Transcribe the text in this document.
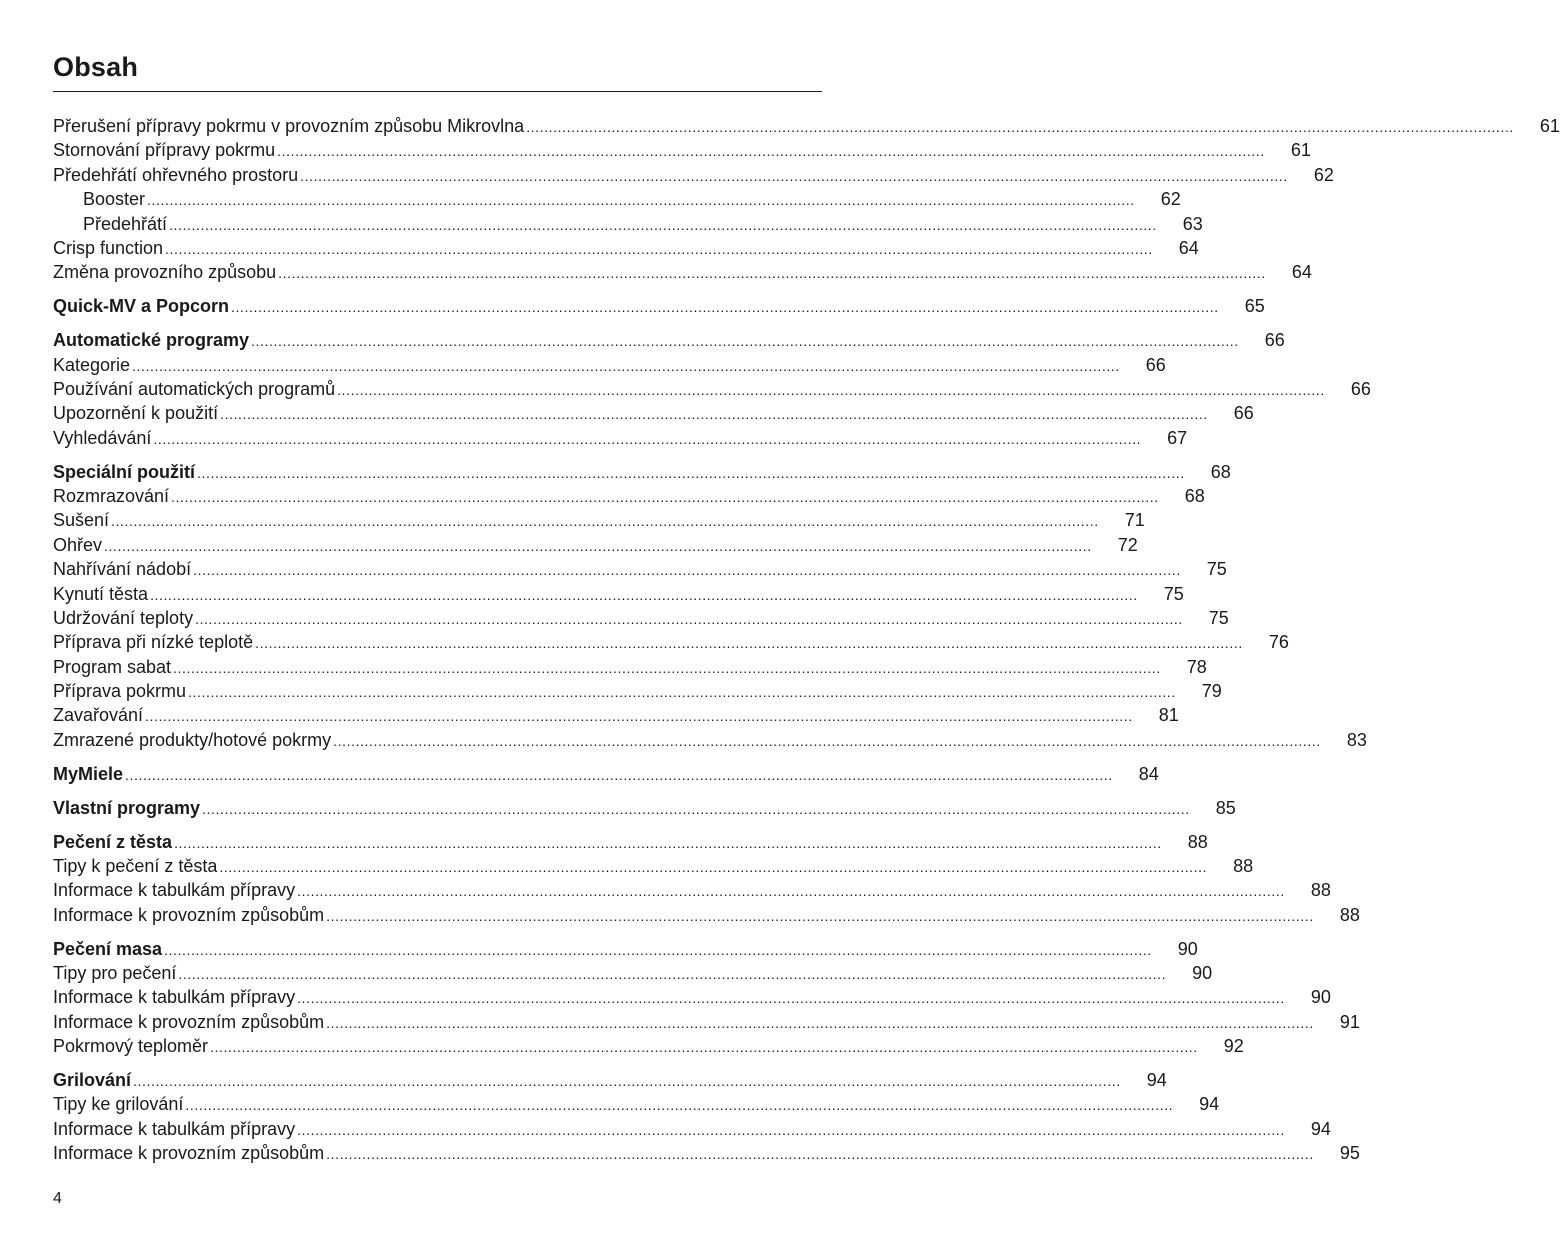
Obsah
Přerušení přípravy pokrmu v provozním způsobu Mikrovlna ............................................................................................................................................................................................................................	61
Stornování přípravy pokrmu ............................................................................................................................................................................................................................	61
Předehřátí ohřevného prostoru ............................................................................................................................................................................................................................	62
Booster ............................................................................................................................................................................................................................	62
Předehřátí ............................................................................................................................................................................................................................	63
Crisp function ............................................................................................................................................................................................................................	64
Změna provozního způsobu ............................................................................................................................................................................................................................	64
Quick-MV a Popcorn ............................................................................................................................................................................................................................	65
Automatické programy ............................................................................................................................................................................................................................	66
Kategorie ............................................................................................................................................................................................................................	66
Používání automatických programů ............................................................................................................................................................................................................................	66
Upozornění k použití ............................................................................................................................................................................................................................	66
Vyhledávání ............................................................................................................................................................................................................................	67
Speciální použití ............................................................................................................................................................................................................................	68
Rozmrazování ............................................................................................................................................................................................................................	68
Sušení ............................................................................................................................................................................................................................	71
Ohřev ............................................................................................................................................................................................................................	72
Nahřívání nádobí ............................................................................................................................................................................................................................	75
Kynutí těsta ............................................................................................................................................................................................................................	75
Udržování teploty ............................................................................................................................................................................................................................	75
Příprava při nízké teplotě ............................................................................................................................................................................................................................	76
Program sabat ............................................................................................................................................................................................................................	78
Příprava pokrmu ............................................................................................................................................................................................................................	79
Zavařování ............................................................................................................................................................................................................................	81
Zmrazené produkty/hotové pokrmy ............................................................................................................................................................................................................................	83
MyMiele ............................................................................................................................................................................................................................	84
Vlastní programy ............................................................................................................................................................................................................................	85
Pečení z těsta ............................................................................................................................................................................................................................	88
Tipy k pečení z těsta ............................................................................................................................................................................................................................	88
Informace k tabulkám přípravy ............................................................................................................................................................................................................................	88
Informace k provozním způsobům ............................................................................................................................................................................................................................	88
Pečení masa ............................................................................................................................................................................................................................	90
Tipy pro pečení ............................................................................................................................................................................................................................	90
Informace k tabulkám přípravy ............................................................................................................................................................................................................................	90
Informace k provozním způsobům ............................................................................................................................................................................................................................	91
Pokrmový teploměr ............................................................................................................................................................................................................................	92
Grilování ............................................................................................................................................................................................................................	94
Tipy ke grilování ............................................................................................................................................................................................................................	94
Informace k tabulkám přípravy ............................................................................................................................................................................................................................	94
Informace k provozním způsobům ............................................................................................................................................................................................................................	95
4
